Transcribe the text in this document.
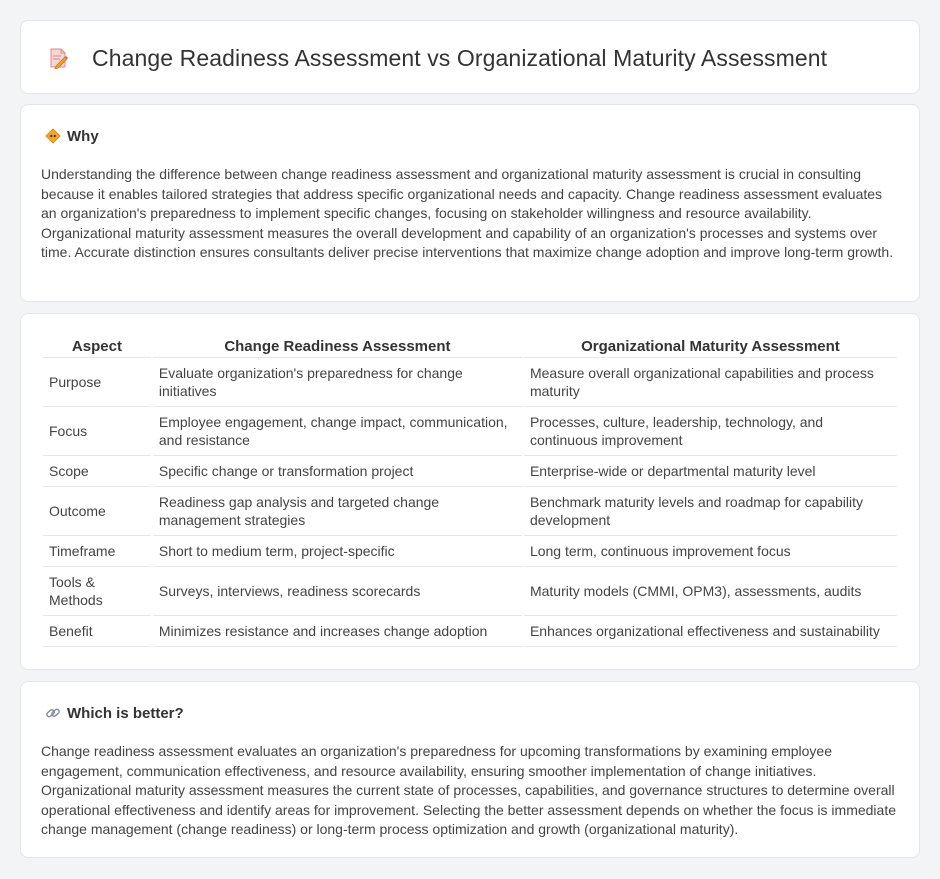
Change Readiness Assessment vs Organizational Maturity Assessment
Why

Understanding the difference between change readiness assessment and organizational maturity assessment is crucial in consulting because it enables tailored strategies that address specific organizational needs and capacity. Change readiness assessment evaluates an organization's preparedness to implement specific changes, focusing on stakeholder willingness and resource availability. Organizational maturity assessment measures the overall development and capability of an organization's processes and systems over time. Accurate distinction ensures consultants deliver precise interventions that maximize change adoption and improve long-term growth.

Aspect	Change Readiness Assessment	Organizational Maturity Assessment
Purpose	Evaluate organization's preparedness for change initiatives	Measure overall organizational capabilities and process maturity
Focus	Employee engagement, change impact, communication, and resistance	Processes, culture, leadership, technology, and continuous improvement
Scope	Specific change or transformation project	Enterprise-wide or departmental maturity level
Outcome	Readiness gap analysis and targeted change management strategies	Benchmark maturity levels and roadmap for capability development
Timeframe	Short to medium term, project-specific	Long term, continuous improvement focus
Tools & Methods	Surveys, interviews, readiness scorecards	Maturity models (CMMI, OPM3), assessments, audits
Benefit	Minimizes resistance and increases change adoption	Enhances organizational effectiveness and sustainability
Which is better?

Change readiness assessment evaluates an organization's preparedness for upcoming transformations by examining employee engagement, communication effectiveness, and resource availability, ensuring smoother implementation of change initiatives. Organizational maturity assessment measures the current state of processes, capabilities, and governance structures to determine overall operational effectiveness and identify areas for improvement. Selecting the better assessment depends on whether the focus is immediate change management (change readiness) or long-term process optimization and growth (organizational maturity).
